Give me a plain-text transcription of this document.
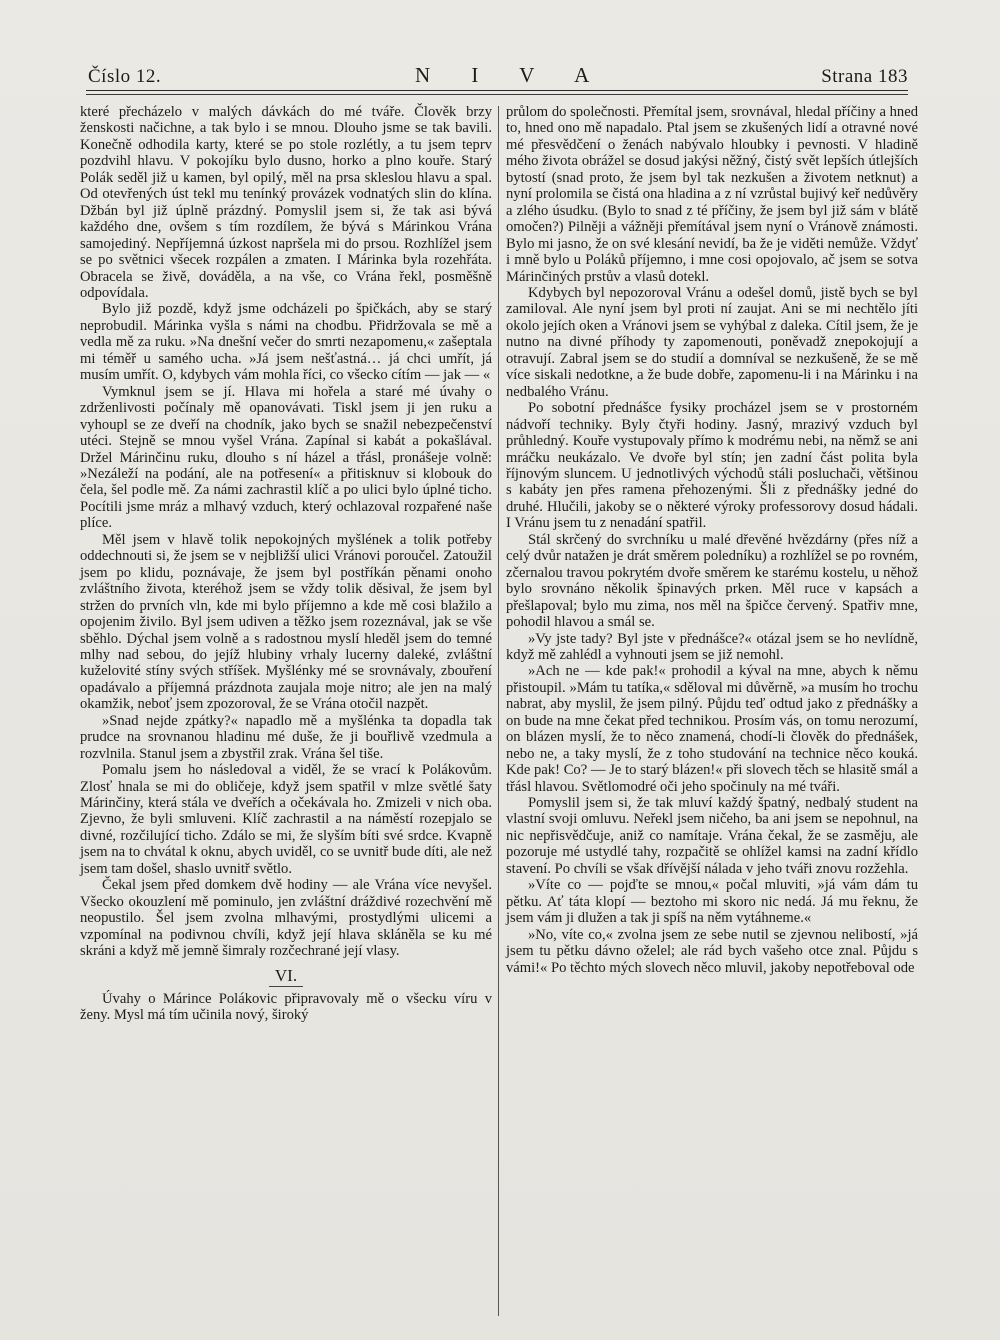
Číslo 12.	N I V A	Strana 183

které přecházelo v malých dávkách do mé tváře. Člověk brzy ženskosti načichne, a tak bylo i se mnou. Dlouho jsme se tak bavili. Konečně odhodila karty, které se po stole rozlétly, a tu jsem teprv pozdvihl hlavu. V pokojíku bylo dusno, horko a plno kouře. Starý Polák seděl již u kamen, byl opilý, měl na prsa skleslou hlavu a spal. Od otevřených úst tekl mu tenínký provázek vodnatých slin do klína. Džbán byl již úplně prázdný. Pomyslil jsem si, že tak asi bývá každého dne, ovšem s tím rozdílem, že bývá s Márinkou Vrána samojediný. Nepříjemná úzkost napršela mi do prsou. Rozhlížel jsem se po světnici všecek rozpálen a zmaten. I Márinka byla rozehřáta. Obracela se živě, dováděla, a na vše, co Vrána řekl, posměšně odpovídala.

Bylo již pozdě, když jsme odcházeli po špičkách, aby se starý neprobudil. Márinka vyšla s námi na chodbu. Přidržovala se mě a vedla mě za ruku. »Na dnešní večer do smrti nezapomenu,« zašeptala mi téměř u samého ucha. »Já jsem nešťastná… já chci umřít, já musím umřít. O, kdybych vám mohla říci, co všecko cítím — jak — «

Vymknul jsem se jí. Hlava mi hořela a staré mé úvahy o zdrženlivosti počínaly mě opanovávati. Tiskl jsem ji jen ruku a vyhoupl se ze dveří na chodník, jako bych se snažil nebezpečenství utéci. Stejně se mnou vyšel Vrána. Zapínal si kabát a pokašlával. Držel Márinčinu ruku, dlouho s ní házel a třásl, pronášeje volně: »Nezáleží na podání, ale na potřesení« a přitisknuv si klobouk do čela, šel podle mě. Za námi zachrastil klíč a po ulici bylo úplné ticho. Pocítili jsme mráz a mlhavý vzduch, který ochlazoval rozpařené naše plíce.

Měl jsem v hlavě tolik nepokojných myšlének a tolik potřeby oddechnouti si, že jsem se v nejbližší ulici Vránovi poroučel. Zatoužil jsem po klidu, poznávaje, že jsem byl postříkán pěnami onoho zvláštního života, kteréhož jsem se vždy tolik děsival, že jsem byl stržen do prvních vln, kde mi bylo příjemno a kde mě cosi blažilo a opojenim živilo. Byl jsem udiven a těžko jsem rozeznával, jak se vše sběhlo. Dýchal jsem volně a s radostnou myslí hleděl jsem do temné mlhy nad sebou, do jejíž hlubiny vrhaly lucerny daleké, zvláštní kuželovité stíny svých stříšek. Myšlénky mé se srovnávaly, zbouření opadávalo a příjemná prázdnota zaujala moje nitro; ale jen na malý okamžik, neboť jsem zpozoroval, že se Vrána otočil nazpět.

»Snad nejde zpátky?« napadlo mě a myšlénka ta dopadla tak prudce na srovnanou hladinu mé duše, že ji bouřlivě vzedmula a rozvlnila. Stanul jsem a zbystřil zrak. Vrána šel tiše.

Pomalu jsem ho následoval a viděl, že se vrací k Polákovům. Zlosť hnala se mi do obličeje, když jsem spatřil v mlze světlé šaty Márinčiny, která stála ve dveřích a očekávala ho. Zmizeli v nich oba. Zjevno, že byli smluveni. Klíč zachrastil a na náměstí rozepjalo se divné, rozčilující ticho. Zdálo se mi, že slyším bíti své srdce. Kvapně jsem na to chvátal k oknu, abych uviděl, co se uvnitř bude díti, ale než jsem tam došel, shaslo uvnitř světlo.

Čekal jsem před domkem dvě hodiny — ale Vrána více nevyšel. Všecko okouzlení mě pominulo, jen zvláštní dráždivé rozechvění mě neopustilo. Šel jsem zvolna mlhavými, prostydlými ulicemi a vzpomínal na podivnou chvíli, když její hlava skláněla se ku mé skráni a když mě jemně šimraly rozčechrané její vlasy.

VI.

Úvahy o Márince Polákovic připravovaly mě o všecku víru v ženy. Mysl má tím učinila nový, široký

průlom do společnosti. Přemítal jsem, srovnával, hledal příčiny a hned to, hned ono mě napadalo. Ptal jsem se zkušených lidí a otravné nové mé přesvědčení o ženách nabývalo hloubky i pevnosti. V hladině mého života obrážel se dosud jakýsi něžný, čistý svět lepších útlejších bytostí (snad proto, že jsem byl tak nezkušen a životem netknut) a nyní prolomila se čistá ona hladina a z ní vzrůstal bujivý keř nedůvěry a zlého úsudku. (Bylo to snad z té příčiny, že jsem byl již sám v blátě omočen?) Pilněji a vážněji přemítával jsem nyní o Vránově známosti. Bylo mi jasno, že on své klesání nevidí, ba že je viděti nemůže. Vždyť i mně bylo u Poláků příjemno, i mne cosi opojovalo, ač jsem se sotva Márinčiných prstův a vlasů dotekl.

Kdybych byl nepozoroval Vránu a odešel domů, jistě bych se byl zamiloval. Ale nyní jsem byl proti ní zaujat. Ani se mi nechtělo jíti okolo jejích oken a Vránovi jsem se vyhýbal z daleka. Cítil jsem, že je nutno na divné příhody ty zapomenouti, poněvadž znepokojují a otravují. Zabral jsem se do studií a domníval se nezkušeně, že se mě více siskali nedotkne, a že bude dobře, zapomenu-li i na Márinku i na nedbalého Vránu.

Po sobotní přednášce fysiky procházel jsem se v prostorném nádvoří techniky. Byly čtyři hodiny. Jasný, mrazivý vzduch byl průhledný. Kouře vystupovaly přímo k modrému nebi, na němž se ani mráčku neukázalo. Ve dvoře byl stín; jen zadní část polita byla říjnovým sluncem. U jednotlivých východů stáli posluchači, většinou s kabáty jen přes ramena přehozenými. Šli z přednášky jedné do druhé. Hlučili, jakoby se o některé výroky professorovy dosud hádali. I Vránu jsem tu z nenadání spatřil.

Stál skrčený do svrchníku u malé dřevěné hvězdárny (přes níž a celý dvůr natažen je drát směrem poledníku) a rozhlížel se po rovném, zčernalou travou pokrytém dvoře směrem ke starému kostelu, u něhož bylo srovnáno několik špinavých prken. Měl ruce v kapsách a přešlapoval; bylo mu zima, nos měl na špičce červený. Spatřiv mne, pohodil hlavou a smál se.

»Vy jste tady? Byl jste v přednášce?« otázal jsem se ho nevlídně, když mě zahlédl a vyhnouti jsem se již nemohl.

»Ach ne — kde pak!« prohodil a kýval na mne, abych k němu přistoupil. »Mám tu tatíka,« sděloval mi důvěrně, »a musím ho trochu nabrat, aby myslil, že jsem pilný. Půjdu teď odtud jako z přednášky a on bude na mne čekat před technikou. Prosím vás, on tomu nerozumí, on blázen myslí, že to něco znamená, chodí-li člověk do přednášek, nebo ne, a taky myslí, že z toho studování na technice něco kouká. Kde pak! Co? — Je to starý blázen!« při slovech těch se hlasitě smál a třásl hlavou. Světlomodré oči jeho spočinuly na mé tváři.

Pomyslil jsem si, že tak mluví každý špatný, nedbalý student na vlastní svoji omluvu. Neřekl jsem ničeho, ba ani jsem se nepohnul, na nic nepřisvědčuje, aniž co namítaje. Vrána čekal, že se zasměju, ale pozoruje mé ustydlé tahy, rozpačitě se ohlížel kamsi na zadní křídlo stavení. Po chvíli se však dřívější nálada v jeho tváři znovu rozžehla.

»Víte co — pojďte se mnou,« počal mluviti, »já vám dám tu pětku. Ať táta klopí — beztoho mi skoro nic nedá. Já mu řeknu, že jsem vám ji dlužen a tak ji spíš na něm vytáhneme.«

»No, víte co,« zvolna jsem ze sebe nutil se zjevnou nelibostí, »já jsem tu pětku dávno oželel; ale rád bych vašeho otce znal. Půjdu s vámi!« Po těchto mých slovech něco mluvil, jakoby nepotřeboval ode
